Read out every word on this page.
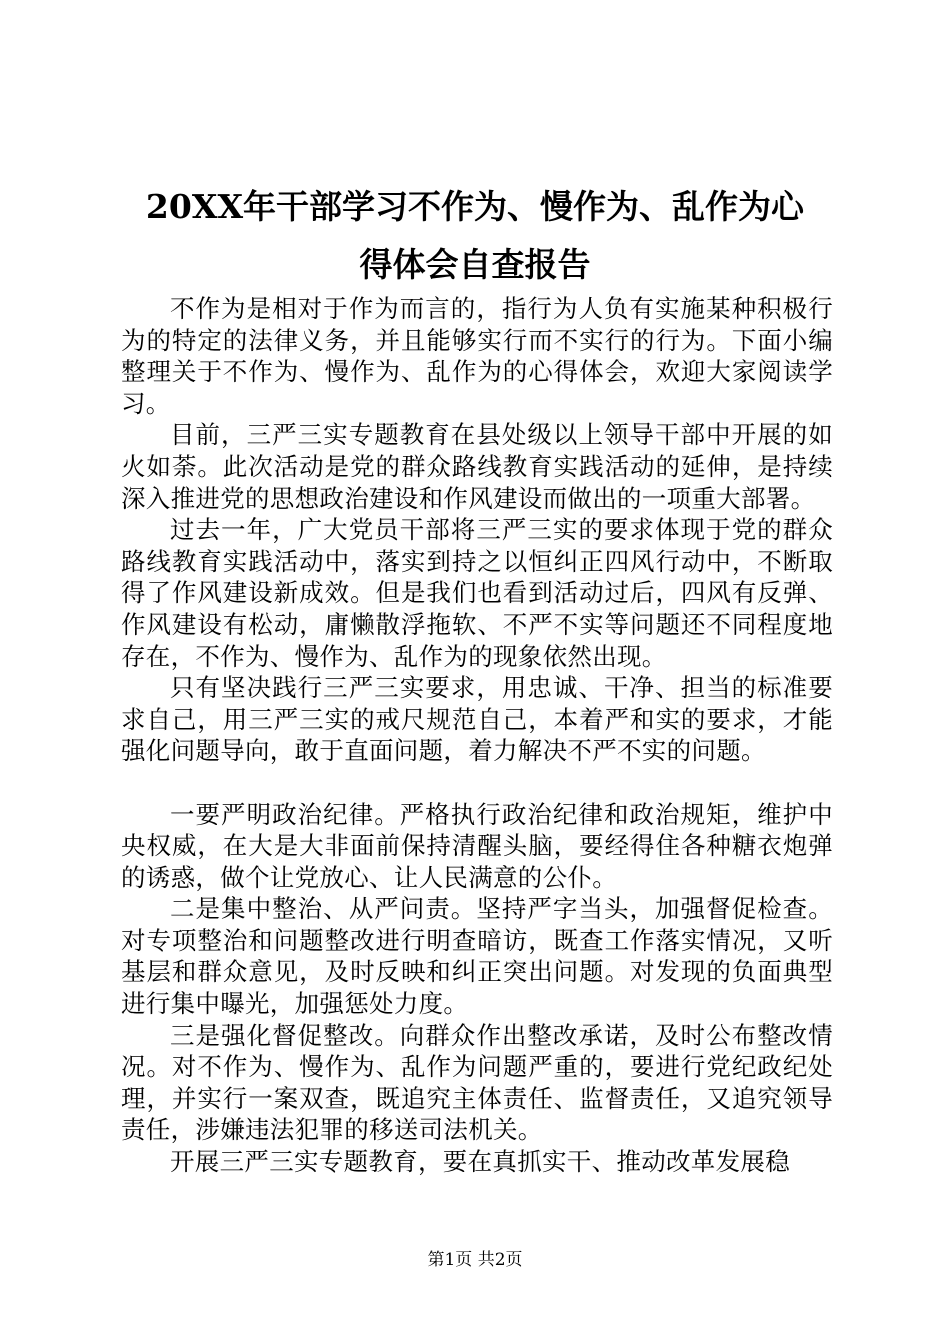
20XX年干部学习不作为、慢作为、乱作为心
得体会自查报告

不作为是相对于作为而言的，指行为人负有实施某种积极行为的特定的法律义务，并且能够实行而不实行的行为。下面小编整理关于不作为、慢作为、乱作为的心得体会，欢迎大家阅读学习。

目前，三严三实专题教育在县处级以上领导干部中开展的如火如荼。此次活动是党的群众路线教育实践活动的延伸，是持续深入推进党的思想政治建设和作风建设而做出的一项重大部署。

过去一年，广大党员干部将三严三实的要求体现于党的群众路线教育实践活动中，落实到持之以恒纠正四风行动中，不断取得了作风建设新成效。但是我们也看到活动过后，四风有反弹、作风建设有松动，庸懒散浮拖软、不严不实等问题还不同程度地存在，不作为、慢作为、乱作为的现象依然出现。

只有坚决践行三严三实要求，用忠诚、干净、担当的标准要求自己，用三严三实的戒尺规范自己，本着严和实的要求，才能强化问题导向，敢于直面问题，着力解决不严不实的问题。

一要严明政治纪律。严格执行政治纪律和政治规矩，维护中央权威，在大是大非面前保持清醒头脑，要经得住各种糖衣炮弹的诱惑，做个让党放心、让人民满意的公仆。

二是集中整治、从严问责。坚持严字当头，加强督促检查。对专项整治和问题整改进行明查暗访，既查工作落实情况，又听基层和群众意见，及时反映和纠正突出问题。对发现的负面典型进行集中曝光，加强惩处力度。

三是强化督促整改。向群众作出整改承诺，及时公布整改情况。对不作为、慢作为、乱作为问题严重的，要进行党纪政纪处理，并实行一案双查，既追究主体责任、监督责任，又追究领导责任，涉嫌违法犯罪的移送司法机关。

开展三严三实专题教育，要在真抓实干、推动改革发展稳

第1页 共2页
